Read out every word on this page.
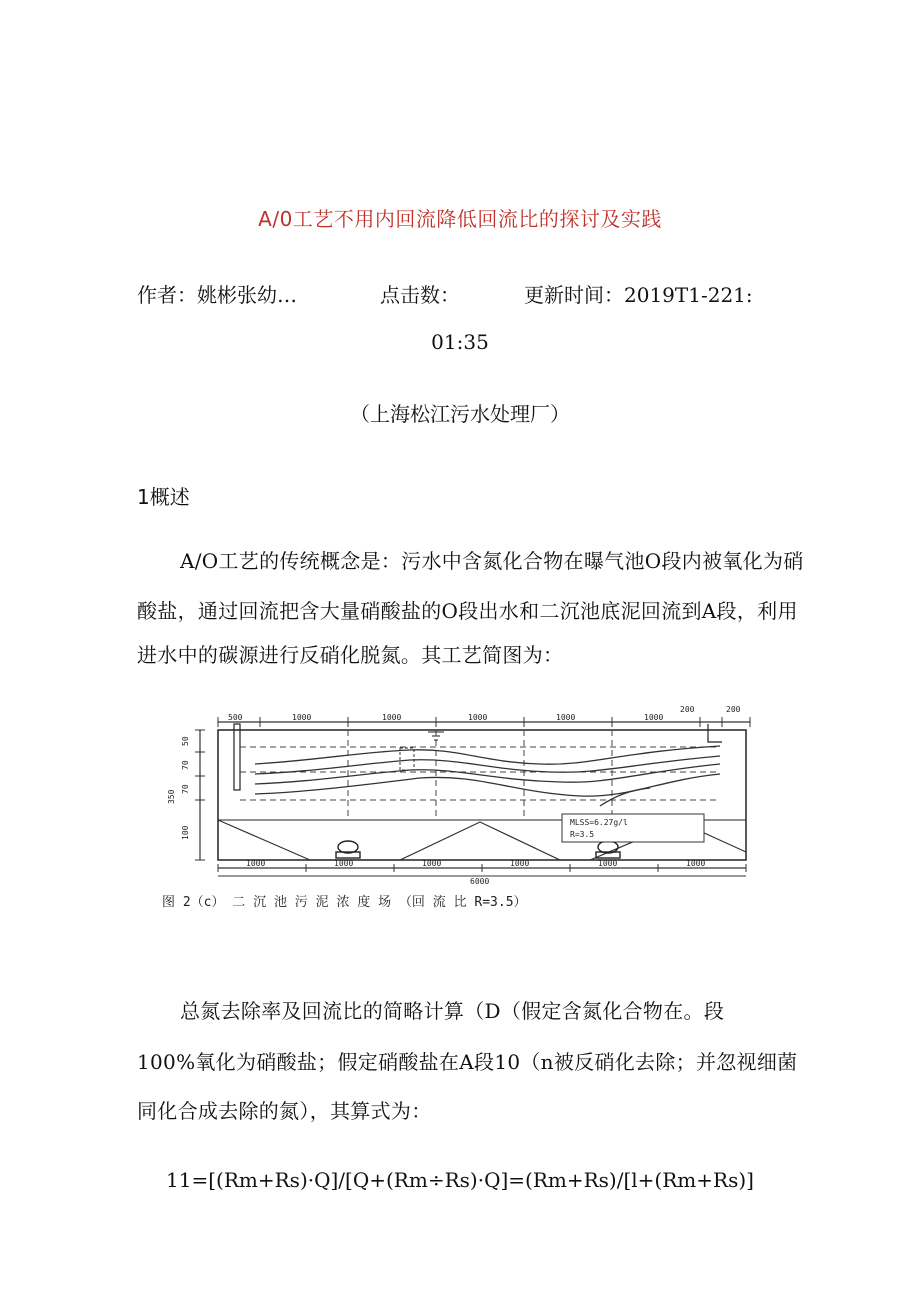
A/0工艺不用内回流降低回流比的探讨及实践
作者：姚彬张幼…	点击数：	更新时间：2019T1-221:
01:35
（上海松江污水处理厂）
1概述
A/O工艺的传统概念是：污水中含氮化合物在曝气池O段内被氧化为硝
酸盐，通过回流把含大量硝酸盐的O段出水和二沉池底泥回流到A段，利用
进水中的碳源进行反硝化脱氮。其工艺简图为：
500	1000	1000	1000	1000	1000
200	200
MLSS=6.27g/l
R=3.5
50
70
70
100
350
1000	1000	1000	1000	1000	1000
6000
图 2（c） 二 沉 池 污 泥 浓 度 场 （回 流 比 R=3.5）
总氮去除率及回流比的简略计算（D（假定含氮化合物在。段
100%氧化为硝酸盐；假定硝酸盐在A段10（n被反硝化去除；并忽视细菌
同化合成去除的氮），其算式为：
11=[(Rm+Rs)·Q]/[Q+(Rm÷Rs)·Q]=(Rm+Rs)/[l+(Rm+Rs)]
